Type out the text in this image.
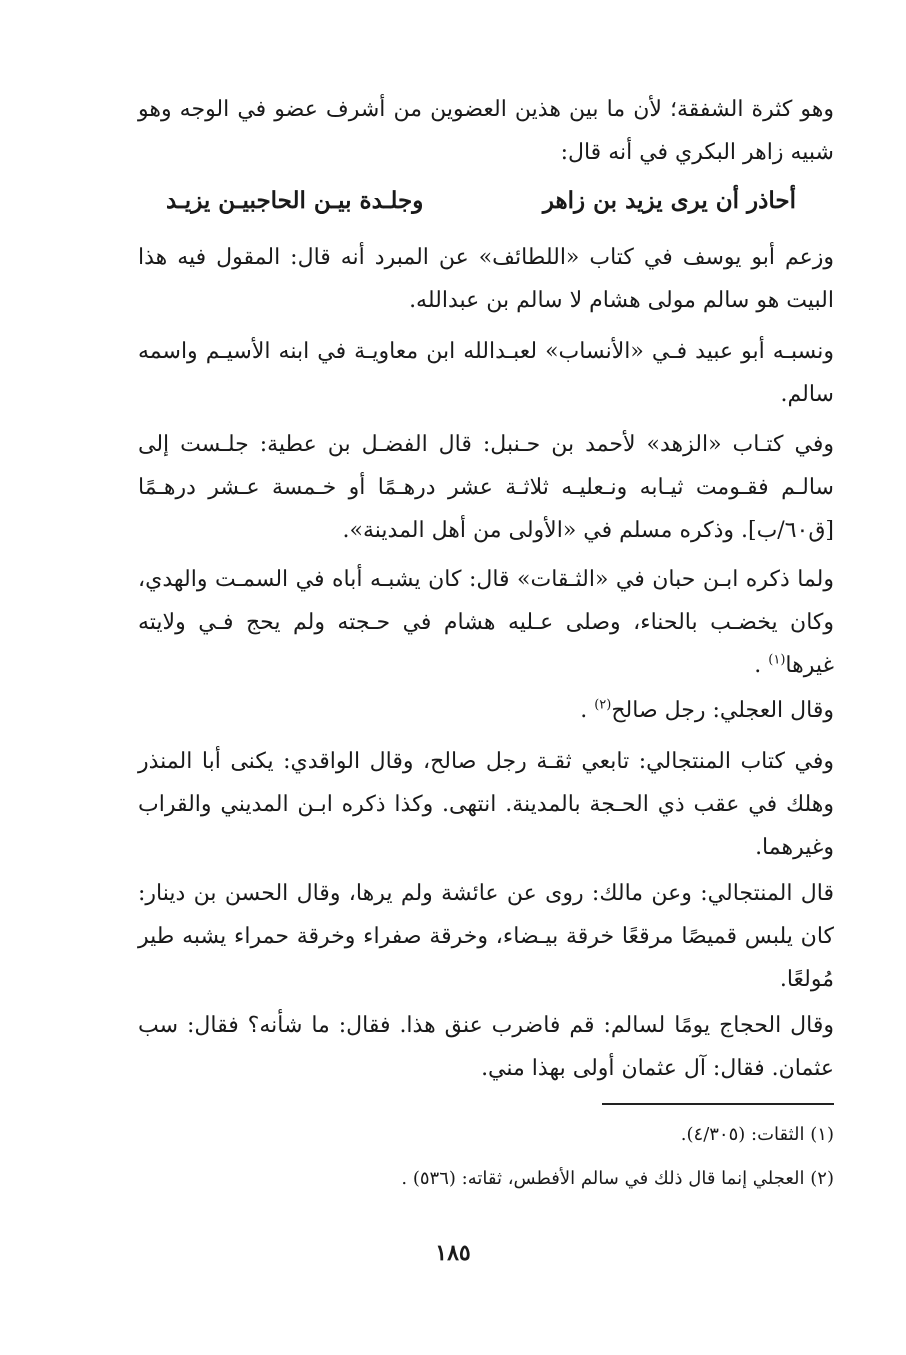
وهو كثرة الشفقة؛ لأن ما بين هذين العضوين من أشرف عضو في الوجه وهو شبيه زاهر البكري في أنه قال:

أحاذر أن يرى يزيد بن زاهر
وجلـدة بيـن الحاجبيـن يزيـد

وزعم أبو يوسف في كتاب «اللطائف» عن المبرد أنه قال: المقول فيه هذا البيت هو سالم مولى هشام لا سالم بن عبدالله.

ونسبـه أبو عبيد فـي «الأنساب» لعبـدالله ابن معاويـة في ابنه الأسيـم واسمه سالم.

وفي كتـاب «الزهد» لأحمد بن حـنبل: قال الفضـل بن عطية: جلـست إلى سالـم فقـومت ثيـابه ونـعليـه ثلاثـة عشر درهـمًا أو خـمسة عـشر درهـمًا [ق٦٠/ب]. وذكره مسلم في «الأولى من أهل المدينة».

ولما ذكره ابـن حبان في «الثـقات» قال: كان يشبـه أباه في السمـت والهدي، وكان يخضـب بالحناء، وصلى عـليه هشام في حـجته ولم يحج فـي ولايته غيرها$^{(١)}$ .

وقال العجلي: رجل صالح$^{(٢)}$ .

وفي كتاب المنتجالي: تابعي ثقـة رجل صالح، وقال الواقدي: يكنى أبا المنذر وهلك في عقب ذي الحـجة بالمدينة. انتهى. وكذا ذكره ابـن المديني والقراب وغيرهما.

قال المنتجالي: وعن مالك: روى عن عائشة ولم يرها، وقال الحسن بن دينار: كان يلبس قميصًا مرقعًا خرقة بيـضاء، وخرقة صفراء وخرقة حمراء يشبه طير مُولعًا.

وقال الحجاج يومًا لسالم: قم فاضرب عنق هذا. فقال: ما شأنه؟ فقال: سب عثمان. فقال: آل عثمان أولى بهذا مني.

(١) الثقات: (٤/٣٠٥).

(٢) العجلي إنما قال ذلك في سالم الأفطس، ثقاته: (٥٣٦) .

١٨٥
